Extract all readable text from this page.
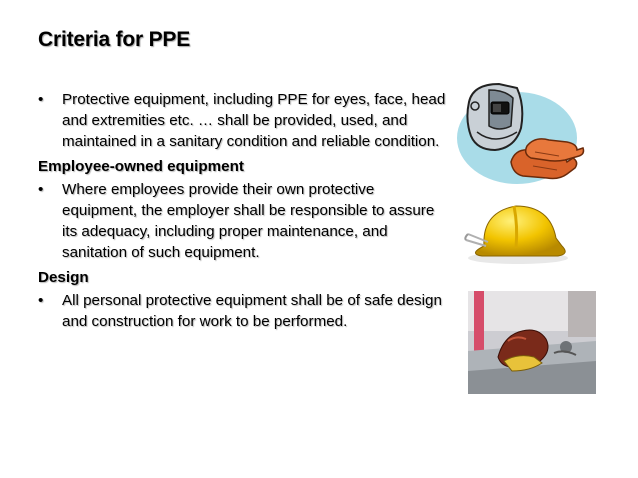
Criteria for PPE
•	Protective equipment, including PPE for eyes, face, head and extremities etc. … shall be provided, used, and maintained in a sanitary condition and reliable condition.
Employee-owned equipment
•	Where employees provide their own protective equipment, the employer shall be responsible to assure its adequacy, including proper maintenance, and sanitation of such equipment.
Design
•	All personal protective equipment shall be of safe design and construction for work to be performed.
